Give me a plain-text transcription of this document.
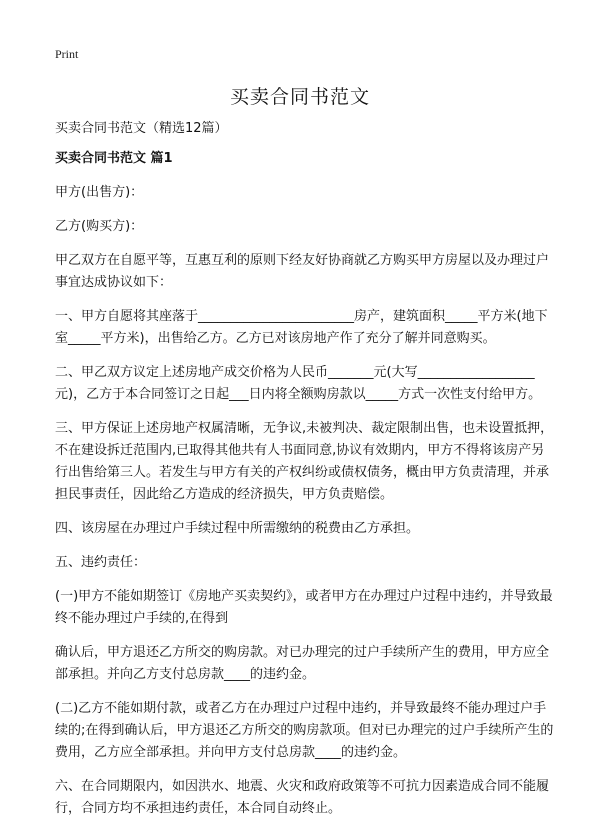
Print
买卖合同书范文

买卖合同书范文（精选12篇）

买卖合同书范文 篇1

甲方(出售方)：

乙方(购买方)：

甲乙双方在自愿平等，互惠互利的原则下经友好协商就乙方购买甲方房屋以及办理过户事宜达成协议如下：

一、甲方自愿将其座落于________________________房产，建筑面积_____平方米(地下室_____平方米)，出售给乙方。乙方已对该房地产作了充分了解并同意购买。

二、甲乙双方议定上述房地产成交价格为人民币_______元(大写__________________元)，乙方于本合同签订之日起___日内将全额购房款以_____方式一次性支付给甲方。

三、甲方保证上述房地产权属清晰，无争议,未被判决、裁定限制出售，也未设置抵押，不在建设拆迁范围内,已取得其他共有人书面同意,协议有效期内，甲方不得将该房产另行出售给第三人。若发生与甲方有关的产权纠纷或债权债务，概由甲方负责清理，并承担民事责任，因此给乙方造成的经济损失，甲方负责赔偿。

四、该房屋在办理过户手续过程中所需缴纳的税费由乙方承担。

五、违约责任：

(一)甲方不能如期签订《房地产买卖契约》，或者甲方在办理过户过程中违约，并导致最终不能办理过户手续的,在得到

确认后，甲方退还乙方所交的购房款。对已办理完的过户手续所产生的费用，甲方应全部承担。并向乙方支付总房款____的违约金。

(二)乙方不能如期付款，或者乙方在办理过户过程中违约，并导致最终不能办理过户手续的;在得到确认后，甲方退还乙方所交的购房款项。但对已办理完的过户手续所产生的费用，乙方应全部承担。并向甲方支付总房款____的违约金。

六、在合同期限内，如因洪水、地震、火灾和政府政策等不可抗力因素造成合同不能履行，合同方均不承担违约责任，本合同自动终止。
